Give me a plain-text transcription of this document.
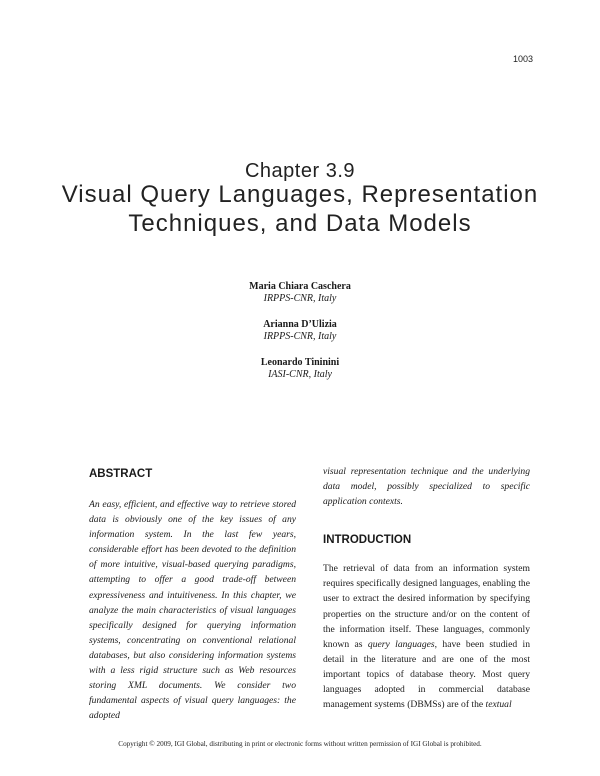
1003
Chapter 3.9
Visual Query Languages, Representation Techniques, and Data Models
Maria Chiara Caschera
IRPPS-CNR, Italy
Arianna D’Ulizia
IRPPS-CNR, Italy
Leonardo Tininini
IASI-CNR, Italy
ABSTRACT

An easy, efficient, and effective way to retrieve stored data is obviously one of the key issues of any information system. In the last few years, considerable effort has been devoted to the definition of more intuitive, visual-based querying paradigms, attempting to offer a good trade-off between expressiveness and intuitiveness. In this chapter, we analyze the main characteristics of visual languages specifically designed for querying information systems, concentrating on conventional relational databases, but also considering information systems with a less rigid structure such as Web resources storing XML documents. We consider two fundamental aspects of visual query languages: the adopted

visual representation technique and the underlying data model, possibly specialized to specific application contexts.

INTRODUCTION

The retrieval of data from an information system requires specifically designed languages, enabling the user to extract the desired information by specifying properties on the structure and/or on the content of the information itself. These languages, commonly known as query languages, have been studied in detail in the literature and are one of the most important topics of database theory. Most query languages adopted in commercial database management systems (DBMSs) are of the textual

Copyright © 2009, IGI Global, distributing in print or electronic forms without written permission of IGI Global is prohibited.
